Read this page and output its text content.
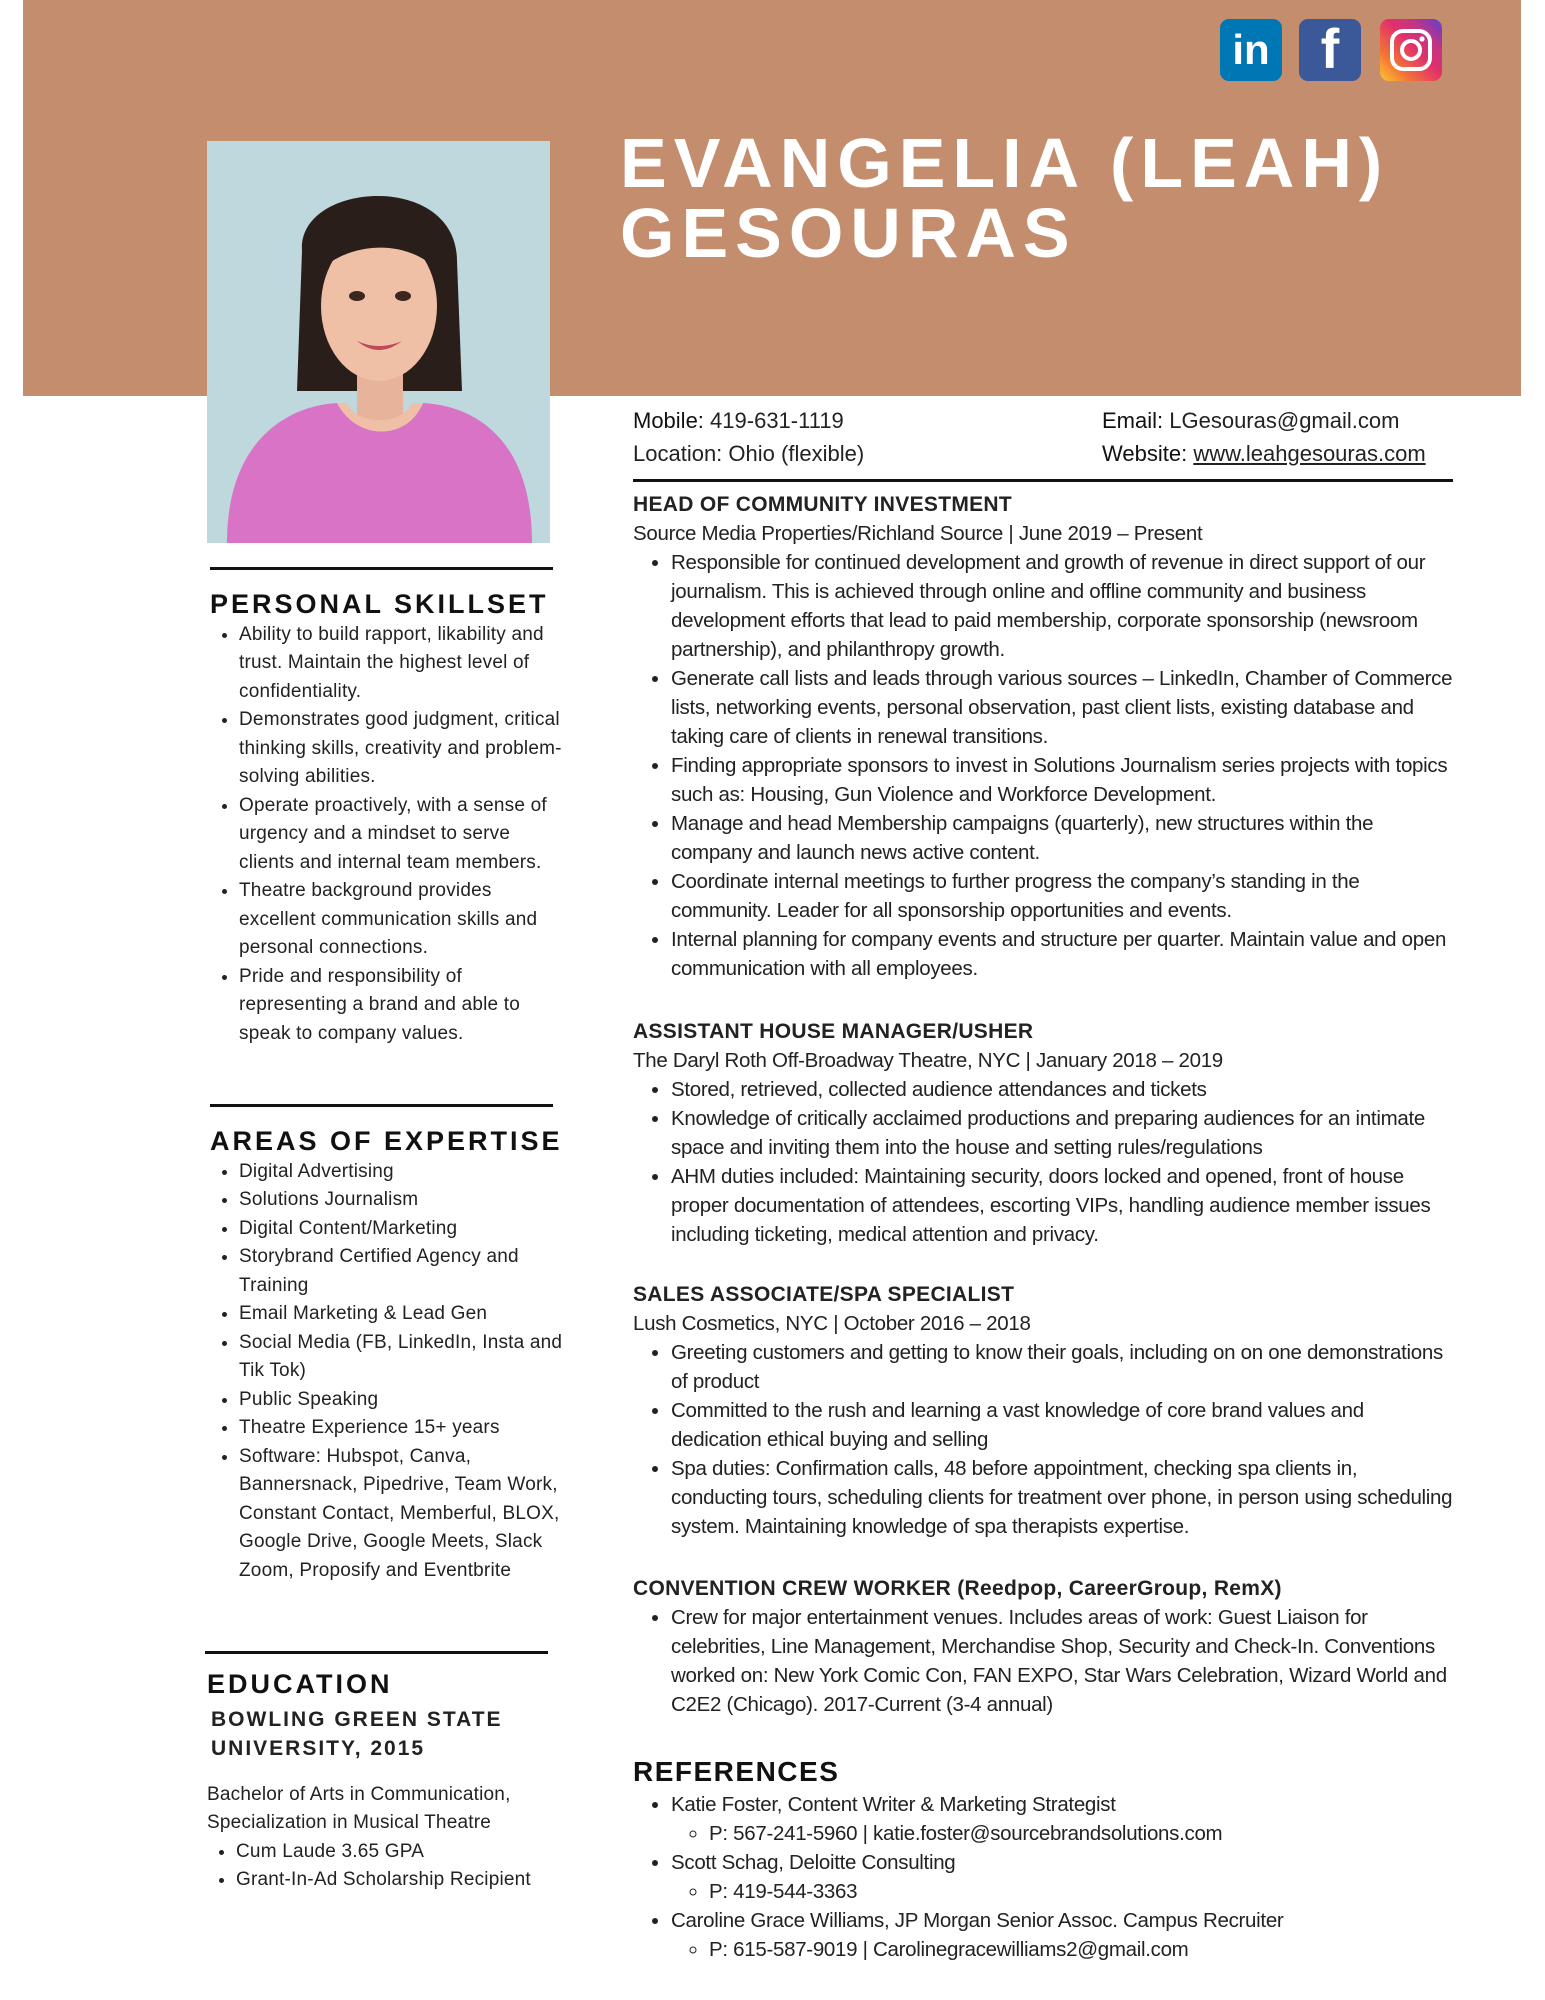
in f
EVANGELIA (LEAH)
GESOURAS
Mobile: 419-631-1119
Location: Ohio (flexible)
Email: LGesouras@gmail.com
Website: www.leahgesouras.com

HEAD OF COMMUNITY INVESTMENT

Source Media Properties/Richland Source | June 2019 – Present

• Responsible for continued development and growth of revenue in direct support of our journalism. This is achieved through online and offline community and business development efforts that lead to paid membership, corporate sponsorship (newsroom partnership), and philanthropy growth.
• Generate call lists and leads through various sources – LinkedIn, Chamber of Commerce lists, networking events, personal observation, past client lists, existing database and taking care of clients in renewal transitions.
• Finding appropriate sponsors to invest in Solutions Journalism series projects with topics such as: Housing, Gun Violence and Workforce Development.
• Manage and head Membership campaigns (quarterly), new structures within the company and launch news active content.
• Coordinate internal meetings to further progress the company’s standing in the community. Leader for all sponsorship opportunities and events.
• Internal planning for company events and structure per quarter. Maintain value and open communication with all employees.

ASSISTANT HOUSE MANAGER/USHER

The Daryl Roth Off-Broadway Theatre, NYC | January 2018 – 2019

• Stored, retrieved, collected audience attendances and tickets
• Knowledge of critically acclaimed productions and preparing audiences for an intimate space and inviting them into the house and setting rules/regulations
• AHM duties included: Maintaining security, doors locked and opened, front of house proper documentation of attendees, escorting VIPs, handling audience member issues including ticketing, medical attention and privacy.

SALES ASSOCIATE/SPA SPECIALIST

Lush Cosmetics, NYC | October 2016 – 2018

• Greeting customers and getting to know their goals, including on on one demonstrations of product
• Committed to the rush and learning a vast knowledge of core brand values and dedication ethical buying and selling
• Spa duties: Confirmation calls, 48 before appointment, checking spa clients in, conducting tours, scheduling clients for treatment over phone, in person using scheduling system. Maintaining knowledge of spa therapists expertise.

CONVENTION CREW WORKER (Reedpop, CareerGroup, RemX)

• Crew for major entertainment venues. Includes areas of work: Guest Liaison for celebrities, Line Management, Merchandise Shop, Security and Check-In. Conventions worked on: New York Comic Con, FAN EXPO, Star Wars Celebration, Wizard World and C2E2 (Chicago). 2017-Current (3-4 annual)

REFERENCES

• Katie Foster, Content Writer & Marketing Strategist
◦ P: 567-241-5960 | katie.foster@sourcebrandsolutions.com
• Scott Schag, Deloitte Consulting
◦ P: 419-544-3363
• Caroline Grace Williams, JP Morgan Senior Assoc. Campus Recruiter
◦ P: 615-587-9019 | Carolinegracewilliams2@gmail.com

PERSONAL SKILLSET

• Ability to build rapport, likability and trust. Maintain the highest level of confidentiality.
• Demonstrates good judgment, critical thinking skills, creativity and problem-solving abilities.
• Operate proactively, with a sense of urgency and a mindset to serve clients and internal team members.
• Theatre background provides excellent communication skills and personal connections.
• Pride and responsibility of representing a brand and able to speak to company values.

AREAS OF EXPERTISE

• Digital Advertising
• Solutions Journalism
• Digital Content/Marketing
• Storybrand Certified Agency and Training
• Email Marketing & Lead Gen
• Social Media (FB, LinkedIn, Insta and Tik Tok)
• Public Speaking
• Theatre Experience 15+ years
• Software: Hubspot, Canva, Bannersnack, Pipedrive, Team Work, Constant Contact, Memberful, BLOX, Google Drive, Google Meets, Slack Zoom, Proposify and Eventbrite

EDUCATION

BOWLING GREEN STATE UNIVERSITY, 2015

Bachelor of Arts in Communication, Specialization in Musical Theatre

• Cum Laude 3.65 GPA
• Grant-In-Ad Scholarship Recipient
